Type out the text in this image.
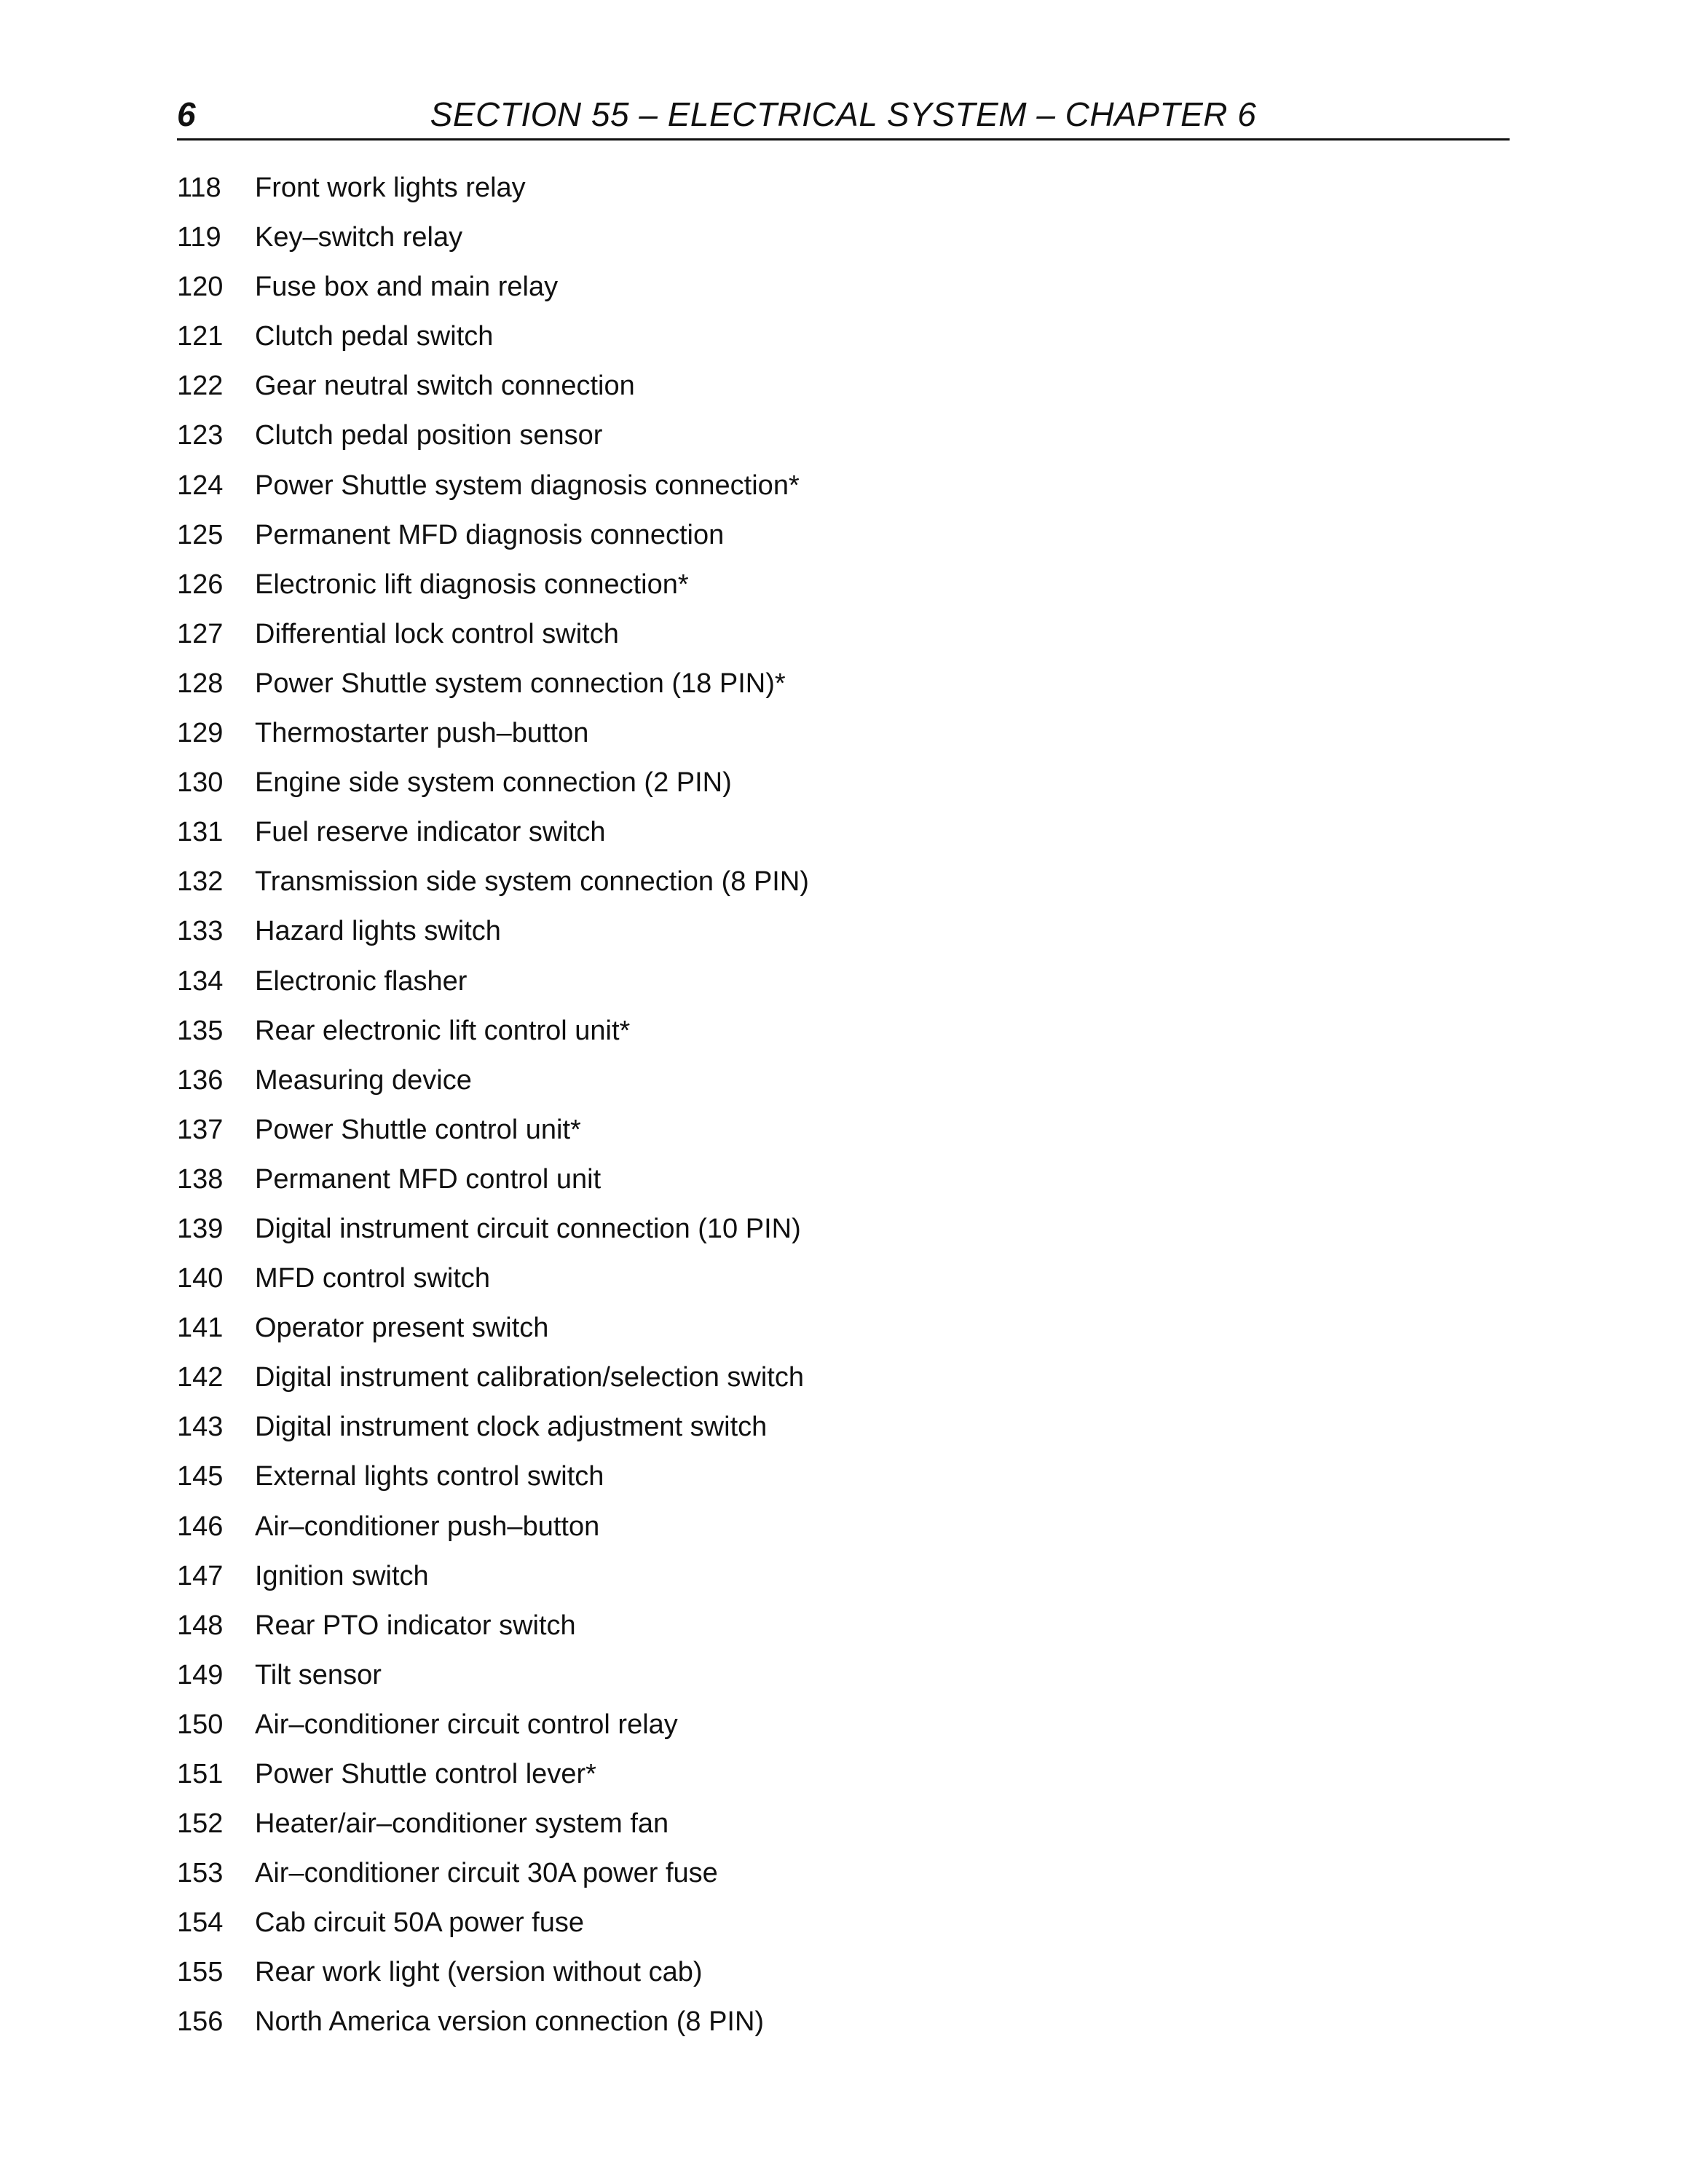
6	SECTION 55 – ELECTRICAL SYSTEM – CHAPTER 6
118	Front work lights relay
119	Key–switch relay
120	Fuse box and main relay
121	Clutch pedal switch
122	Gear neutral switch connection
123	Clutch pedal position sensor
124	Power Shuttle system diagnosis connection*
125	Permanent MFD diagnosis connection
126	Electronic lift diagnosis connection*
127	Differential lock control switch
128	Power Shuttle system connection (18 PIN)*
129	Thermostarter push–button
130	Engine side system connection (2 PIN)
131	Fuel reserve indicator switch
132	Transmission side system connection (8 PIN)
133	Hazard lights switch
134	Electronic flasher
135	Rear electronic lift control unit*
136	Measuring device
137	Power Shuttle control unit*
138	Permanent MFD control unit
139	Digital instrument circuit connection (10 PIN)
140	MFD control switch
141	Operator present switch
142	Digital instrument calibration/selection switch
143	Digital instrument clock adjustment switch
145	External lights control switch
146	Air–conditioner push–button
147	Ignition switch
148	Rear PTO indicator switch
149	Tilt sensor
150	Air–conditioner circuit control relay
151	Power Shuttle control lever*
152	Heater/air–conditioner system fan
153	Air–conditioner circuit 30A power fuse
154	Cab circuit 50A power fuse
155	Rear work light (version without cab)
156	North America version connection (8 PIN)
